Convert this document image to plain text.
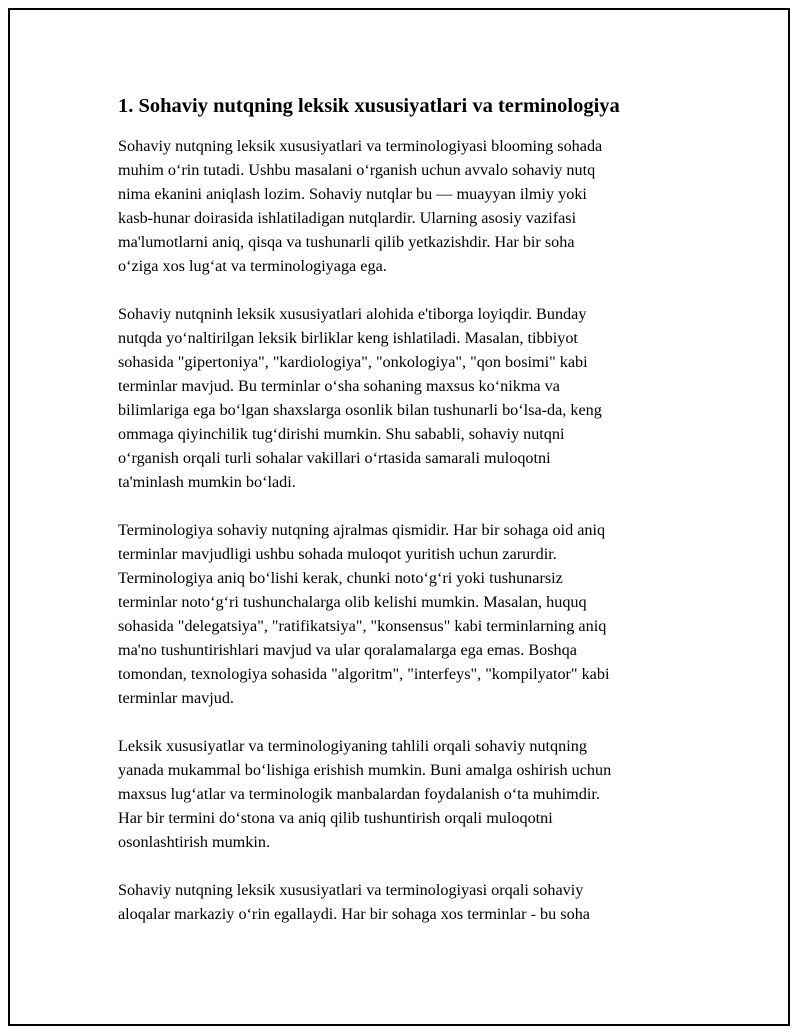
1. Sohaviy nutqning leksik xususiyatlari va terminologiya

Sohaviy nutqning leksik xususiyatlari va terminologiyasi blooming sohada
muhim o‘rin tutadi. Ushbu masalani o‘rganish uchun avvalo sohaviy nutq
nima ekanini aniqlash lozim. Sohaviy nutqlar bu — muayyan ilmiy yoki
kasb-hunar doirasida ishlatiladigan nutqlardir. Ularning asosiy vazifasi
ma'lumotlarni aniq, qisqa va tushunarli qilib yetkazishdir. Har bir soha
o‘ziga xos lug‘at va terminologiyaga ega.

Sohaviy nutqninh leksik xususiyatlari alohida e'tiborga loyiqdir. Bunday
nutqda yo‘naltirilgan leksik birliklar keng ishlatiladi. Masalan, tibbiyot
sohasida "gipertoniya", "kardiologiya", "onkologiya", "qon bosimi" kabi
terminlar mavjud. Bu terminlar o‘sha sohaning maxsus ko‘nikma va
bilimlariga ega bo‘lgan shaxslarga osonlik bilan tushunarli bo‘lsa-da, keng
ommaga qiyinchilik tug‘dirishi mumkin. Shu sababli, sohaviy nutqni
o‘rganish orqali turli sohalar vakillari o‘rtasida samarali muloqotni
ta'minlash mumkin bo‘ladi.

Terminologiya sohaviy nutqning ajralmas qismidir. Har bir sohaga oid aniq
terminlar mavjudligi ushbu sohada muloqot yuritish uchun zarurdir.
Terminologiya aniq bo‘lishi kerak, chunki noto‘g‘ri yoki tushunarsiz
terminlar noto‘g‘ri tushunchalarga olib kelishi mumkin. Masalan, huquq
sohasida "delegatsiya", "ratifikatsiya", "konsensus" kabi terminlarning aniq
ma'no tushuntirishlari mavjud va ular qoralamalarga ega emas. Boshqa
tomondan, texnologiya sohasida "algoritm", "interfeys", "kompilyator" kabi
terminlar mavjud.

Leksik xususiyatlar va terminologiyaning tahlili orqali sohaviy nutqning
yanada mukammal bo‘lishiga erishish mumkin. Buni amalga oshirish uchun
maxsus lug‘atlar va terminologik manbalardan foydalanish o‘ta muhimdir.
Har bir termini do‘stona va aniq qilib tushuntirish orqali muloqotni
osonlashtirish mumkin.

Sohaviy nutqning leksik xususiyatlari va terminologiyasi orqali sohaviy
aloqalar markaziy o‘rin egallaydi. Har bir sohaga xos terminlar - bu soha
